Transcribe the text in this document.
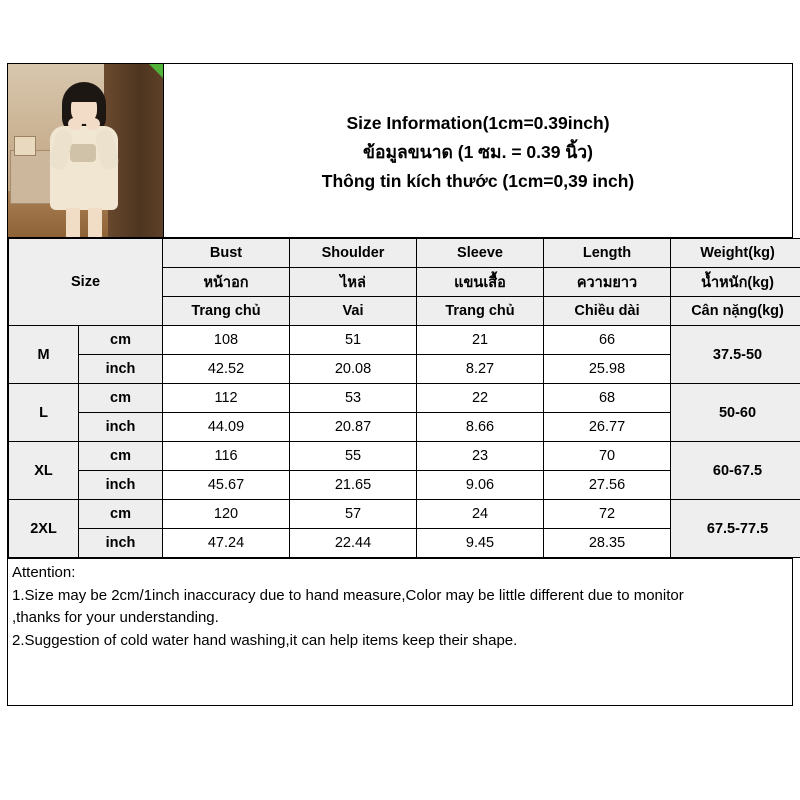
Size Information(1cm=0.39inch)
ข้อมูลขนาด (1 ซม. = 0.39 นิ้ว)
Thông tin kích thước (1cm=0,39 inch)
Size		Bust	Shoulder	Sleeve	Length	Weight(kg)
		หน้าอก	ไหล่	แขนเสื้อ	ความยาว	น้ำหนัก(kg)
		Trang chủ	Vai	Trang chủ	Chiều dài	Cân nặng(kg)
M	cm	108	51	21	66	37.5-50
	inch	42.52	20.08	8.27	25.98	
L	cm	112	53	22	68	50-60
	inch	44.09	20.87	8.66	26.77	
XL	cm	116	55	23	70	60-67.5
	inch	45.67	21.65	9.06	27.56	
2XL	cm	120	57	24	72	67.5-77.5
	inch	47.24	22.44	9.45	28.35	
Attention:
1.Size may be 2cm/1inch inaccuracy due to hand measure,Color may be little different due to monitor
,thanks for your understanding.
2.Suggestion of cold water hand washing,it can help items keep their shape.
